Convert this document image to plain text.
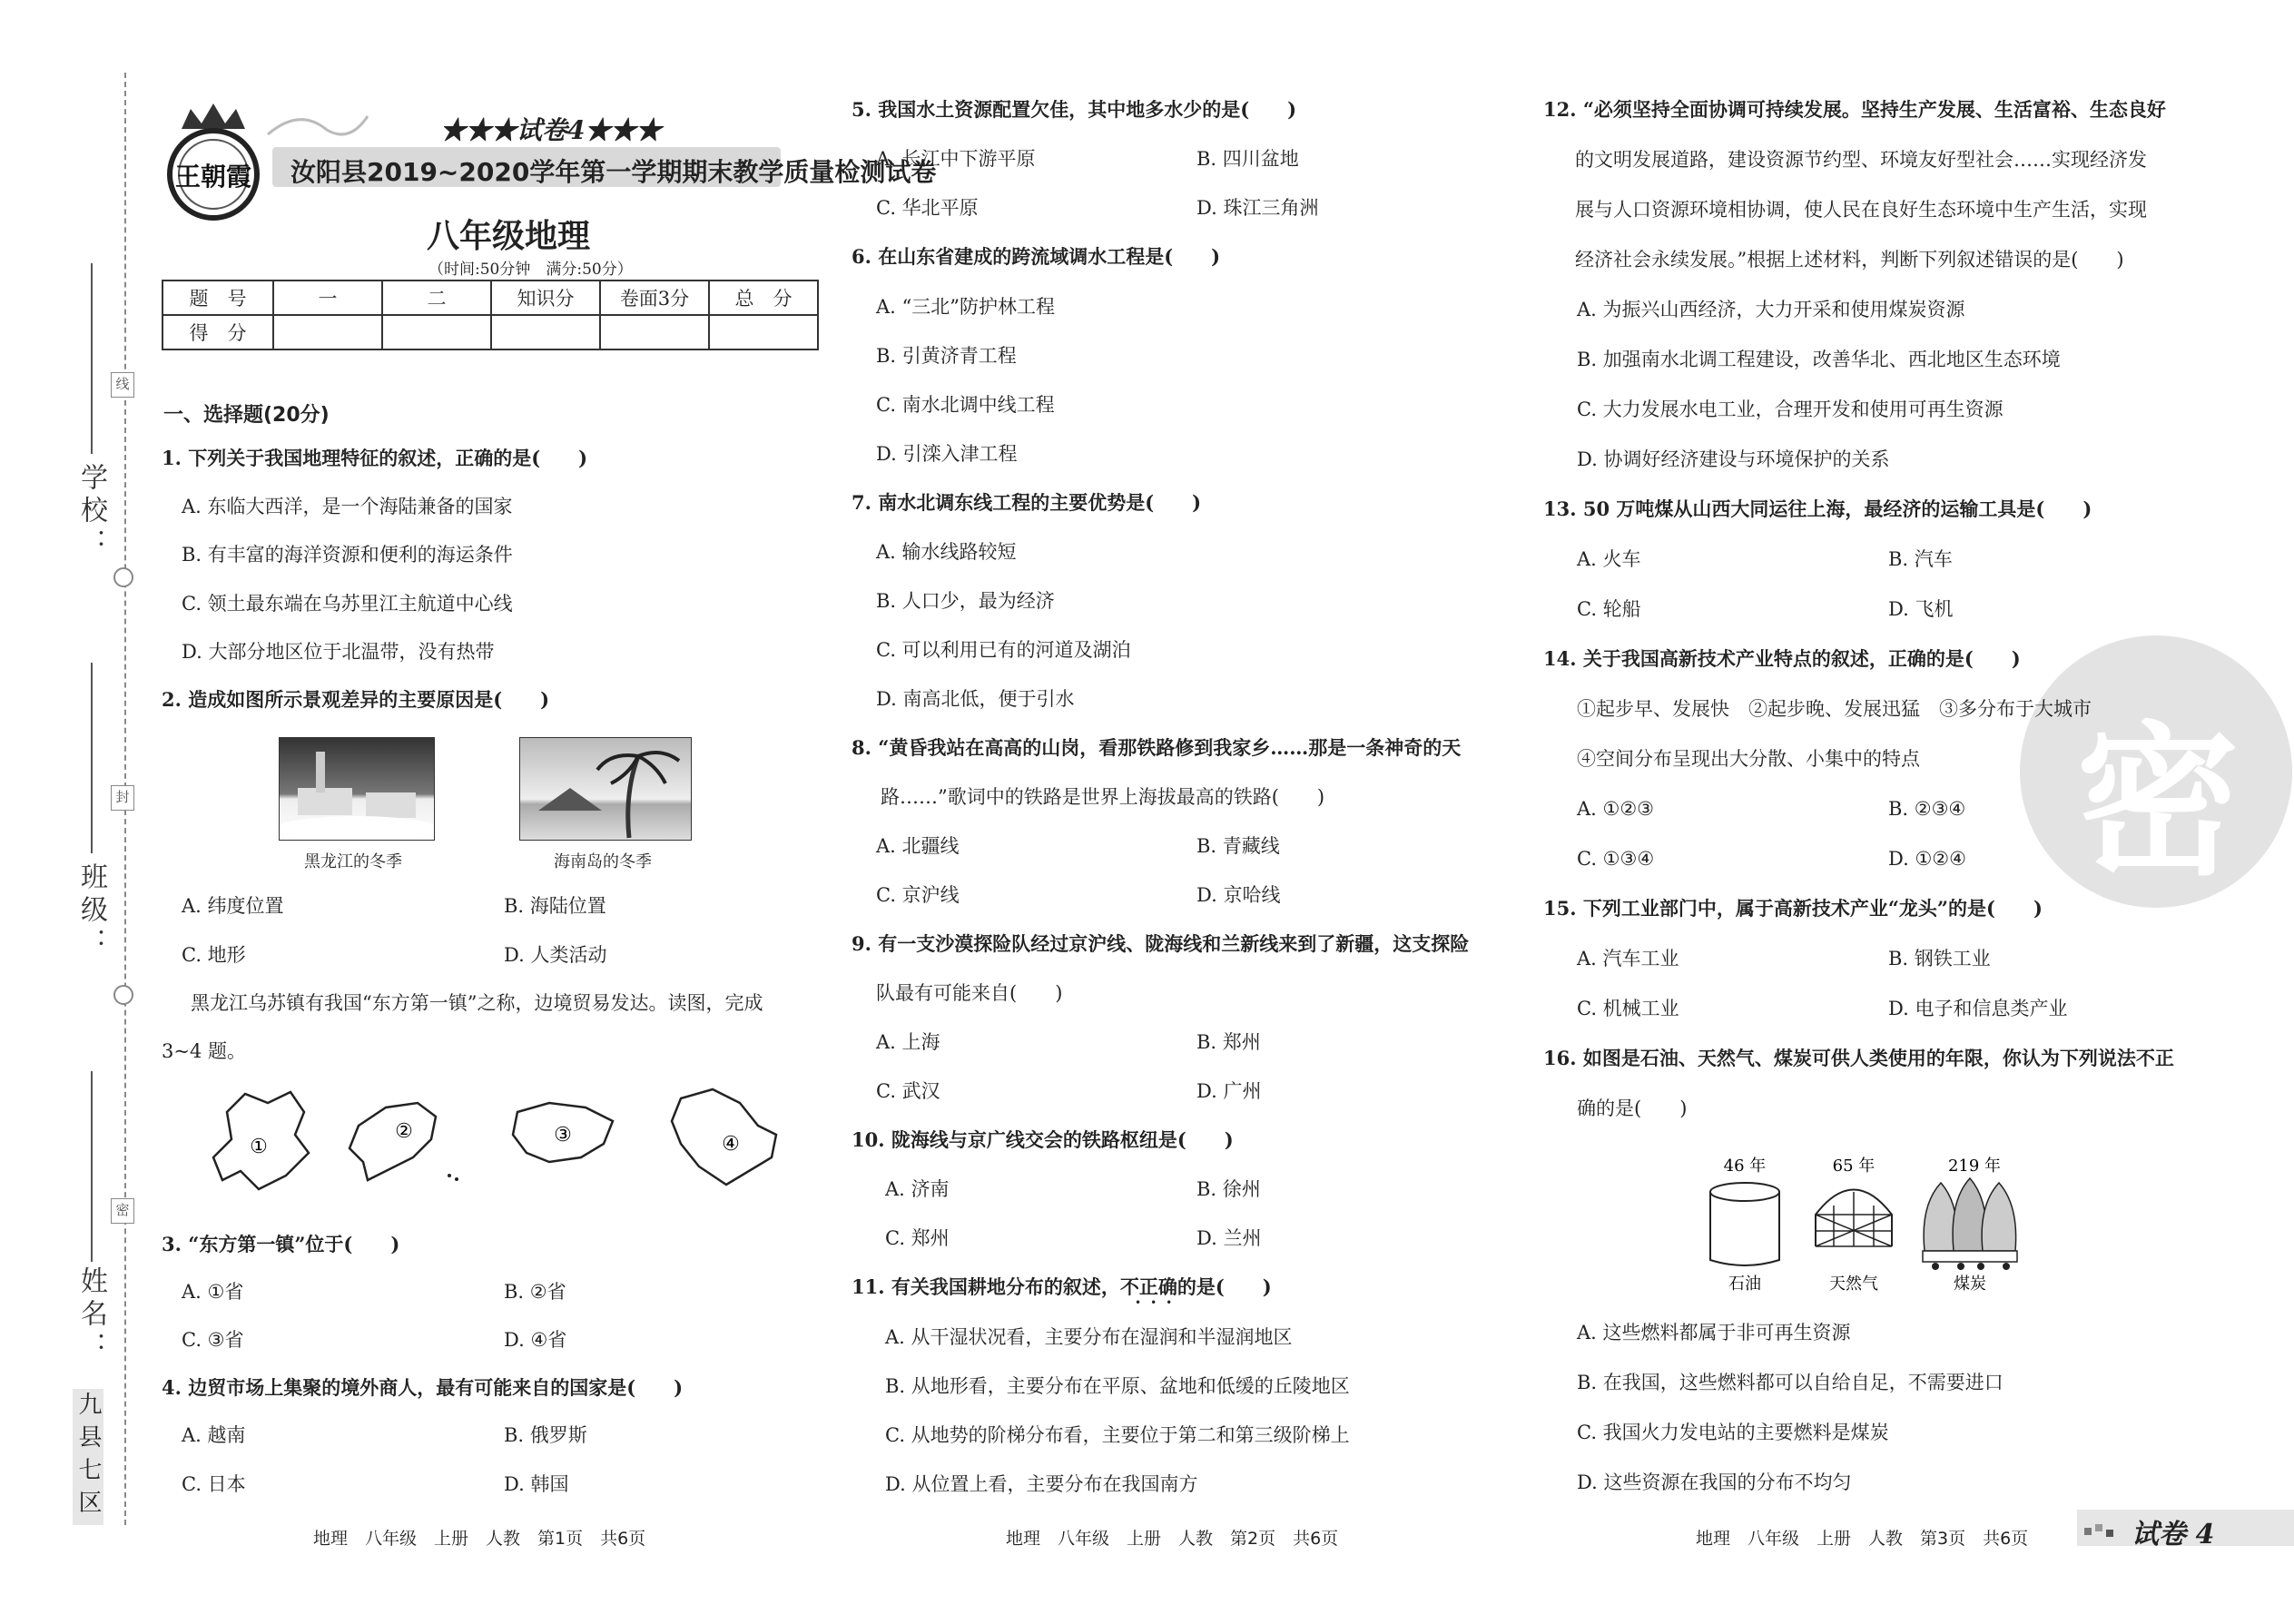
线
封
密
学校：
班级：
姓名：
九县七区
王朝霞
★★★试卷4★★★
汝阳县2019~2020学年第一学期期末教学质量检测试卷
八年级地理
（时间:50分钟　满分:50分）
题　号	一	二	知识分	卷面3分	总　分
得　分					
一、选择题(20分)
1. 下列关于我国地理特征的叙述，正确的是(　　)
A. 东临大西洋，是一个海陆兼备的国家
B. 有丰富的海洋资源和便利的海运条件
C. 领土最东端在乌苏里江主航道中心线
D. 大部分地区位于北温带，没有热带
2. 造成如图所示景观差异的主要原因是(　　)
黑龙江的冬季	海南岛的冬季
A. 纬度位置	B. 海陆位置
C. 地形	D. 人类活动
黑龙江乌苏镇有我国“东方第一镇”之称，边境贸易发达。读图，完成
3~4 题。
①
②	③	④
3. “东方第一镇”位于(　　)
A. ①省	B. ②省
C. ③省	D. ④省
4. 边贸市场上集聚的境外商人，最有可能来自的国家是(　　)
A. 越南	B. 俄罗斯
C. 日本	D. 韩国
地理　八年级　上册　人教　第1页　共6页
5. 我国水土资源配置欠佳，其中地多水少的是(　　)
A. 长江中下游平原	B. 四川盆地
C. 华北平原	D. 珠江三角洲
6. 在山东省建成的跨流域调水工程是(　　)
A. “三北”防护林工程
B. 引黄济青工程
C. 南水北调中线工程
D. 引滦入津工程
7. 南水北调东线工程的主要优势是(　　)
A. 输水线路较短
B. 人口少，最为经济
C. 可以利用已有的河道及湖泊
D. 南高北低，便于引水
8. “黄昏我站在高高的山岗，看那铁路修到我家乡……那是一条神奇的天
路……”歌词中的铁路是世界上海拔最高的铁路(　　)
A. 北疆线	B. 青藏线
C. 京沪线	D. 京哈线
9. 有一支沙漠探险队经过京沪线、陇海线和兰新线来到了新疆，这支探险
队最有可能来自(　　)
A. 上海	B. 郑州
C. 武汉	D. 广州
10. 陇海线与京广线交会的铁路枢纽是(　　)
A. 济南	B. 徐州
C. 郑州	D. 兰州
11. 有关我国耕地分布的叙述，不正确的是(　　)
•••
A. 从干湿状况看，主要分布在湿润和半湿润地区
B. 从地形看，主要分布在平原、盆地和低缓的丘陵地区
C. 从地势的阶梯分布看，主要位于第二和第三级阶梯上
D. 从位置上看，主要分布在我国南方
地理　八年级　上册　人教　第2页　共6页
密
12. “必须坚持全面协调可持续发展。坚持生产发展、生活富裕、生态良好
的文明发展道路，建设资源节约型、环境友好型社会……实现经济发
展与人口资源环境相协调，使人民在良好生态环境中生产生活，实现
经济社会永续发展。”根据上述材料，判断下列叙述错误的是(　　)
A. 为振兴山西经济，大力开采和使用煤炭资源
B. 加强南水北调工程建设，改善华北、西北地区生态环境
C. 大力发展水电工业，合理开发和使用可再生资源
D. 协调好经济建设与环境保护的关系
13. 50 万吨煤从山西大同运往上海，最经济的运输工具是(　　)
A. 火车	B. 汽车
C. 轮船	D. 飞机
14. 关于我国高新技术产业特点的叙述，正确的是(　　)
①起步早、发展快　②起步晚、发展迅猛　③多分布于大城市
④空间分布呈现出大分散、小集中的特点
A. ①②③	B. ②③④
C. ①③④	D. ①②④
15. 下列工业部门中，属于高新技术产业“龙头”的是(　　)
A. 汽车工业	B. 钢铁工业
C. 机械工业	D. 电子和信息类产业
16. 如图是石油、天然气、煤炭可供人类使用的年限，你认为下列说法不正
确的是(　　)
46 年	65 年	219 年
石油	天然气	煤炭
A. 这些燃料都属于非可再生资源
B. 在我国，这些燃料都可以自给自足，不需要进口
C. 我国火力发电站的主要燃料是煤炭
D. 这些资源在我国的分布不均匀
地理　八年级　上册　人教　第3页　共6页	试卷 4
